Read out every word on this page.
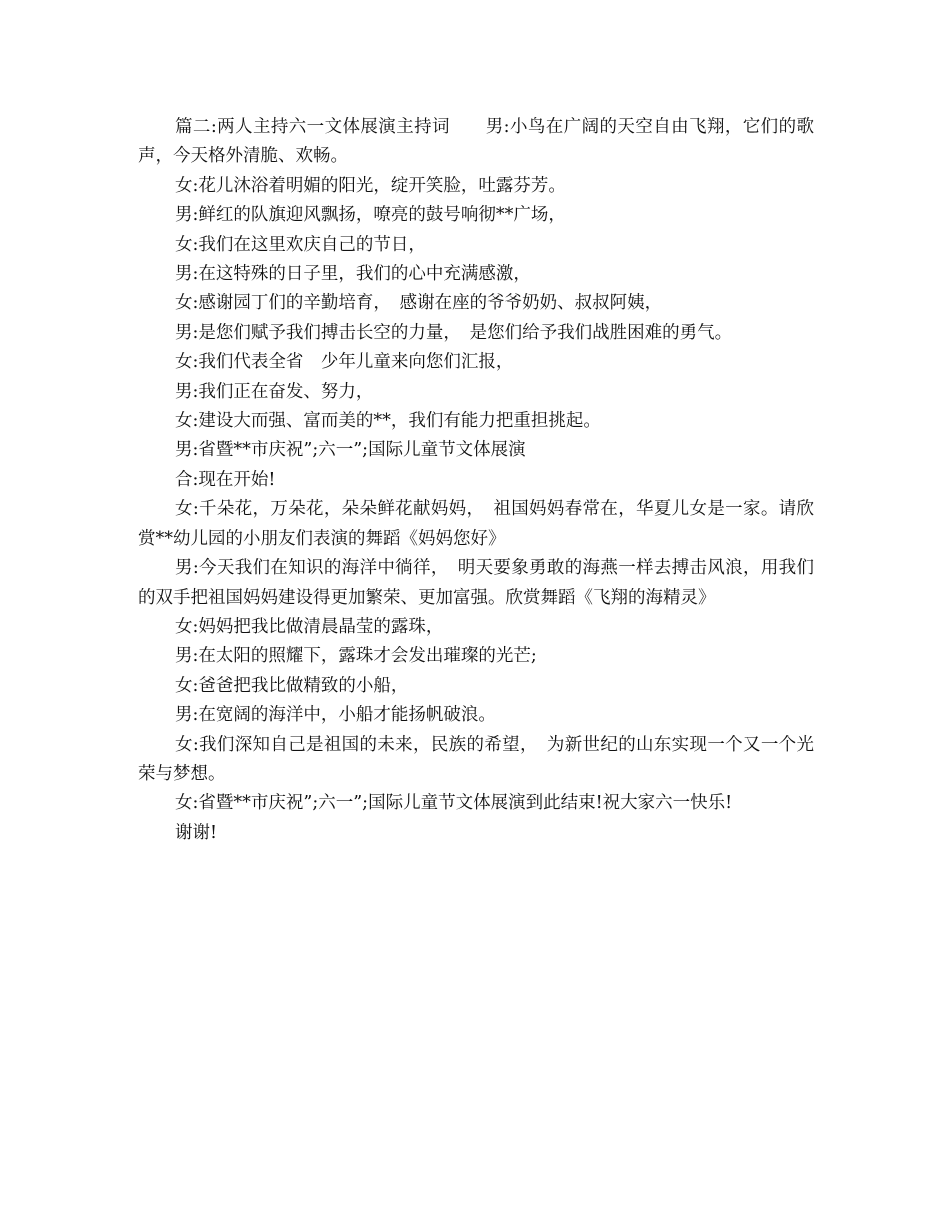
篇二:两人主持六一文体展演主持词　　男:小鸟在广阔的天空自由飞翔，它们的歌声，今天格外清脆、欢畅。

女:花儿沐浴着明媚的阳光，绽开笑脸，吐露芬芳。

男:鲜红的队旗迎风飘扬，嘹亮的鼓号响彻**广场，

女:我们在这里欢庆自己的节日，

男:在这特殊的日子里，我们的心中充满感激，

女:感谢园丁们的辛勤培育，　感谢在座的爷爷奶奶、叔叔阿姨，

男:是您们赋予我们搏击长空的力量，　是您们给予我们战胜困难的勇气。

女:我们代表全省　少年儿童来向您们汇报，

男:我们正在奋发、努力，

女:建设大而强、富而美的**，我们有能力把重担挑起。

男:省暨**市庆祝”;六一”;国际儿童节文体展演

合:现在开始!

女:千朵花，万朵花，朵朵鲜花献妈妈，　祖国妈妈春常在，华夏儿女是一家。请欣赏**幼儿园的小朋友们表演的舞蹈《妈妈您好》

男:今天我们在知识的海洋中徜徉，　明天要象勇敢的海燕一样去搏击风浪，用我们的双手把祖国妈妈建设得更加繁荣、更加富强。欣赏舞蹈《飞翔的海精灵》

女:妈妈把我比做清晨晶莹的露珠，

男:在太阳的照耀下，露珠才会发出璀璨的光芒;

女:爸爸把我比做精致的小船，

男:在宽阔的海洋中，小船才能扬帆破浪。

女:我们深知自己是祖国的未来，民族的希望，　为新世纪的山东实现一个又一个光荣与梦想。

女:省暨**市庆祝”;六一”;国际儿童节文体展演到此结束!祝大家六一快乐!

谢谢!
